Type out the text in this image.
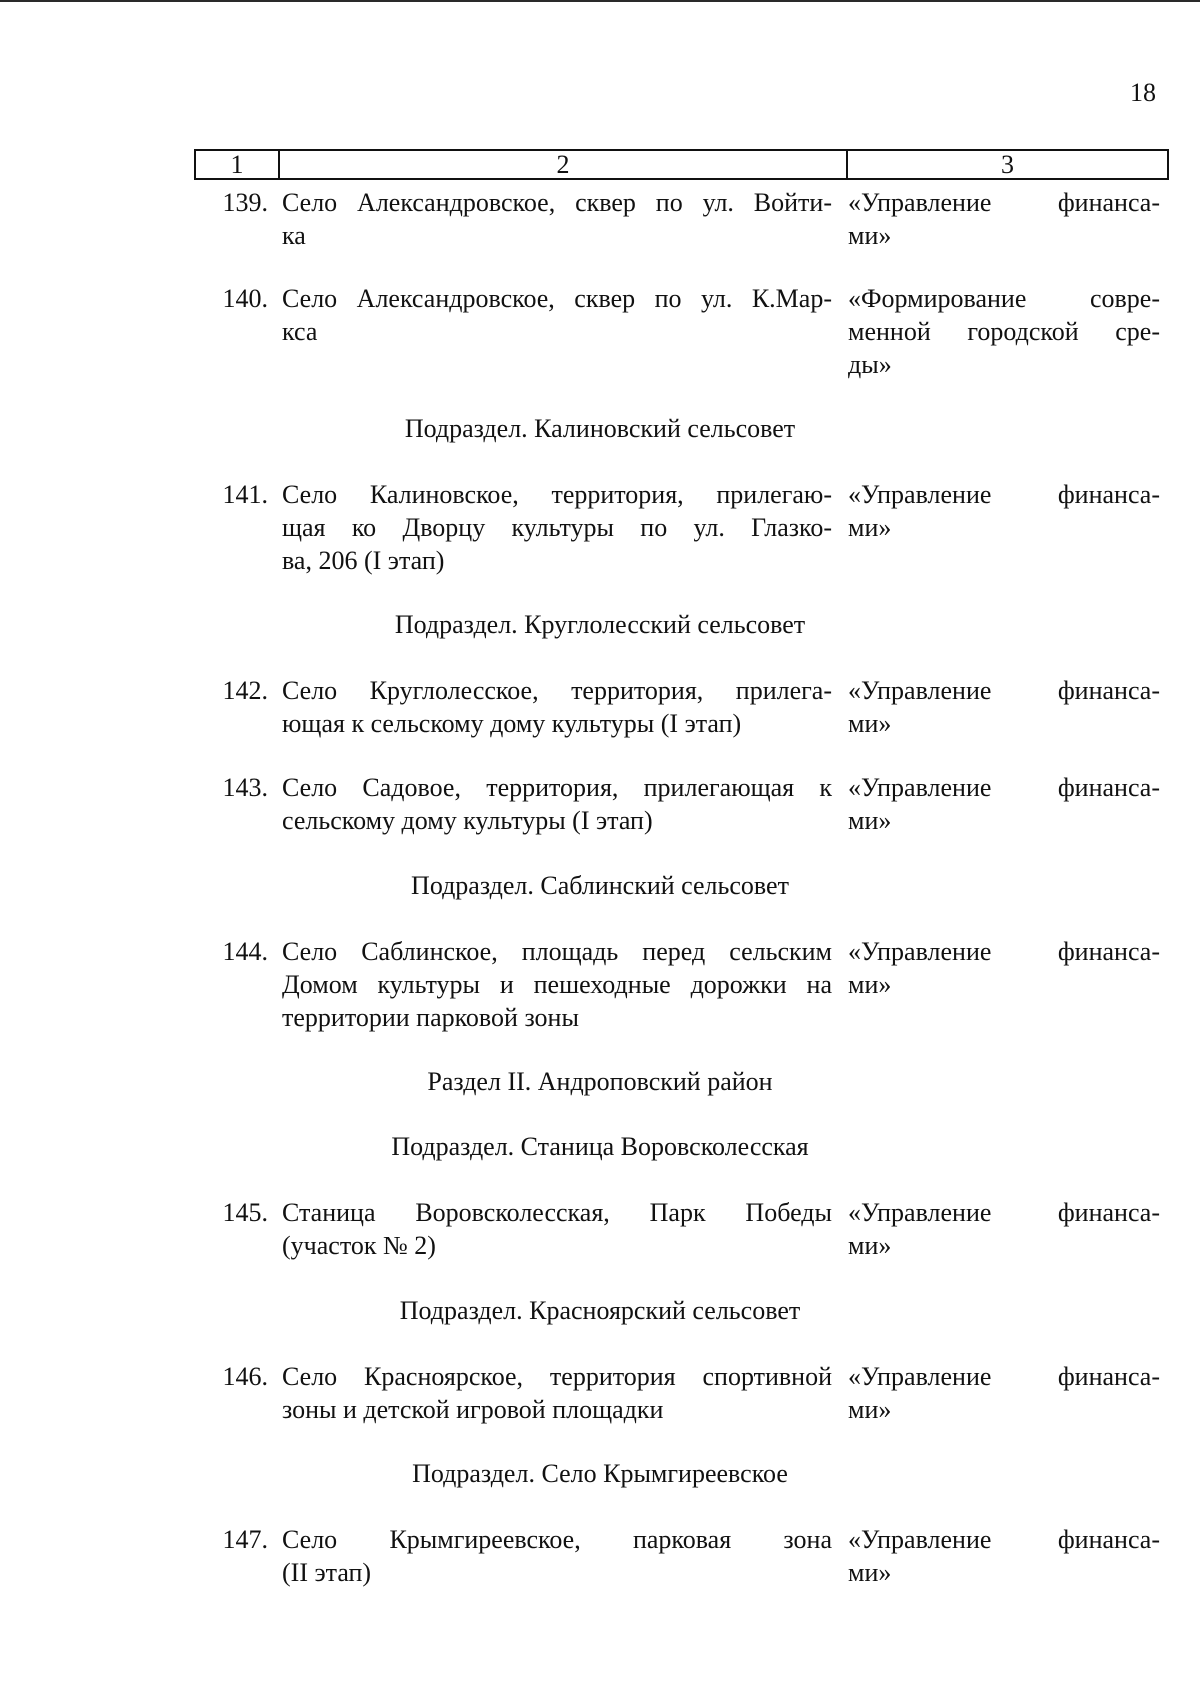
18
1	2	3
139. Село Александровское, сквер по ул. Войти-
ка
«Управление финанса-
ми»
140. Село Александровское, сквер по ул. К.Мар-
кса
«Формирование совре-
менной городской сре-
ды»
Подраздел. Калиновский сельсовет
141. Село Калиновское, территория, прилегаю-
щая ко Дворцу культуры по ул. Глазко-
ва, 206 (I этап)
«Управление финанса-
ми»
Подраздел. Круглолесский сельсовет
142. Село Круглолесское, территория, прилега-
ющая к сельскому дому культуры (I этап)
«Управление финанса-
ми»
143. Село Садовое, территория, прилегающая к
сельскому дому культуры (I этап)
«Управление финанса-
ми»
Подраздел. Саблинский сельсовет
144. Село Саблинское, площадь перед сельским
Домом культуры и пешеходные дорожки на
территории парковой зоны
«Управление финанса-
ми»
Раздел II. Андроповский район
Подраздел. Станица Воровсколесская
145. Станица Воровсколесская, Парк Победы
(участок № 2)
«Управление финанса-
ми»
Подраздел. Красноярский сельсовет
146. Село Красноярское, территория спортивной
зоны и детской игровой площадки
«Управление финанса-
ми»
Подраздел. Село Крымгиреевское
147. Село Крымгиреевское, парковая зона
(II этап)
«Управление финанса-
ми»
